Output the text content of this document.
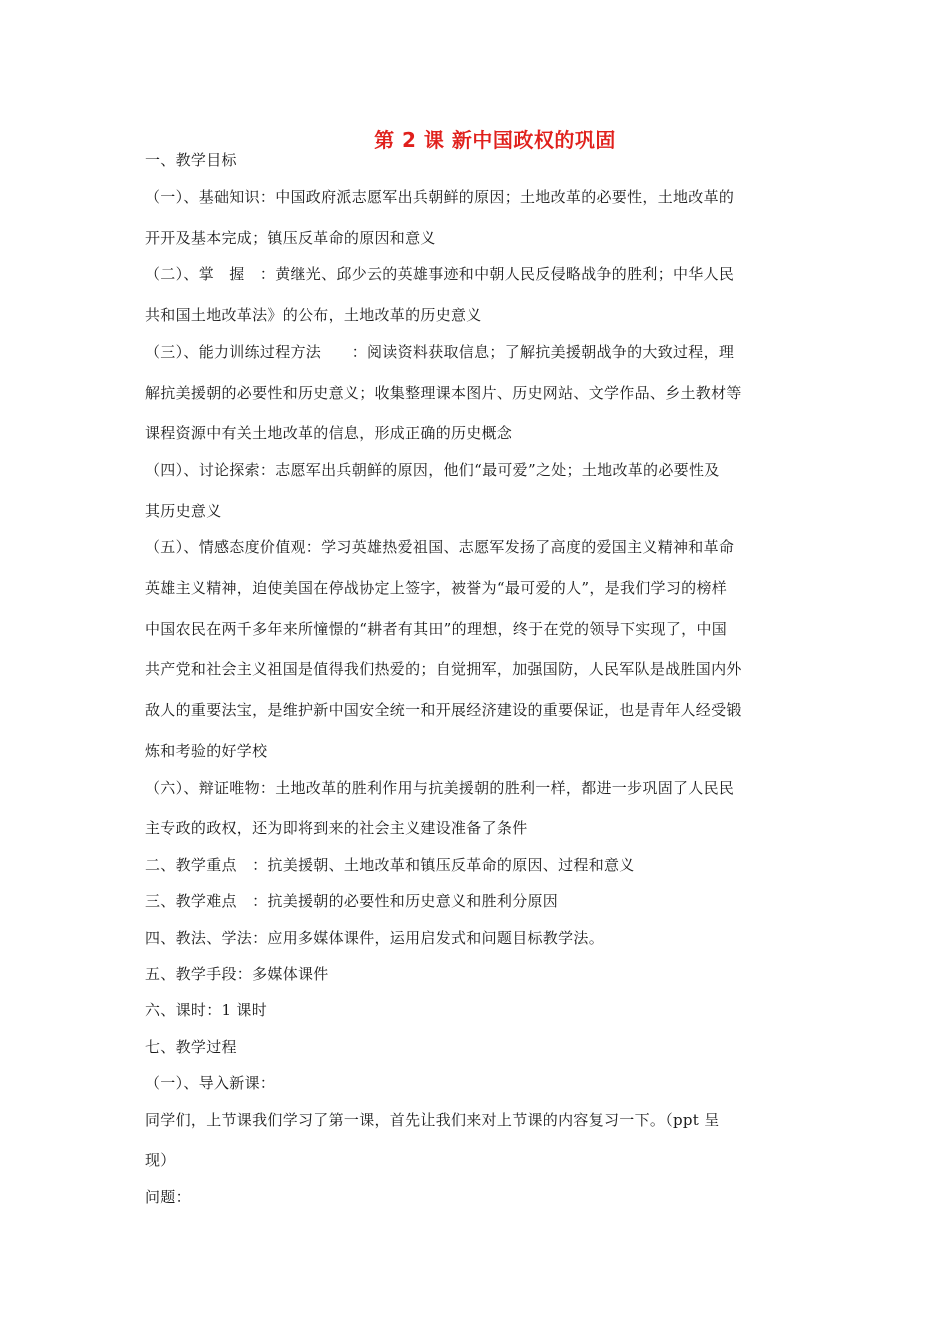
第 2 课 新中国政权的巩固
一、教学目标
（一）、基础知识：中国政府派志愿军出兵朝鲜的原因；土地改革的必要性，土地改革的
开开及基本完成；镇压反革命的原因和意义
（二）、掌　握　：黄继光、邱少云的英雄事迹和中朝人民反侵略战争的胜利；中华人民
共和国土地改革法》的公布，土地改革的历史意义
（三）、能力训练过程方法　　：阅读资料获取信息；了解抗美援朝战争的大致过程，理
解抗美援朝的必要性和历史意义；收集整理课本图片、历史网站、文学作品、乡土教材等
课程资源中有关土地改革的信息，形成正确的历史概念
（四）、讨论探索：志愿军出兵朝鲜的原因，他们“最可爱”之处；土地改革的必要性及
其历史意义
（五）、情感态度价值观：学习英雄热爱祖国、志愿军发扬了高度的爱国主义精神和革命
英雄主义精神，迫使美国在停战协定上签字，被誉为“最可爱的人”，是我们学习的榜样
中国农民在两千多年来所憧憬的“耕者有其田”的理想，终于在党的领导下实现了，中国
共产党和社会主义祖国是值得我们热爱的；自觉拥军，加强国防，人民军队是战胜国内外
敌人的重要法宝，是维护新中国安全统一和开展经济建设的重要保证，也是青年人经受锻
炼和考验的好学校
（六）、辩证唯物：土地改革的胜利作用与抗美援朝的胜利一样，都进一步巩固了人民民
主专政的政权，还为即将到来的社会主义建设准备了条件
二、教学重点　：抗美援朝、土地改革和镇压反革命的原因、过程和意义
三、教学难点　：抗美援朝的必要性和历史意义和胜利分原因
四、教法、学法：应用多媒体课件，运用启发式和问题目标教学法。
五、教学手段：多媒体课件
六、课时：1 课时
七、教学过程
（一）、导入新课：
同学们，上节课我们学习了第一课，首先让我们来对上节课的内容复习一下。（ppt 呈
现）
问题：
